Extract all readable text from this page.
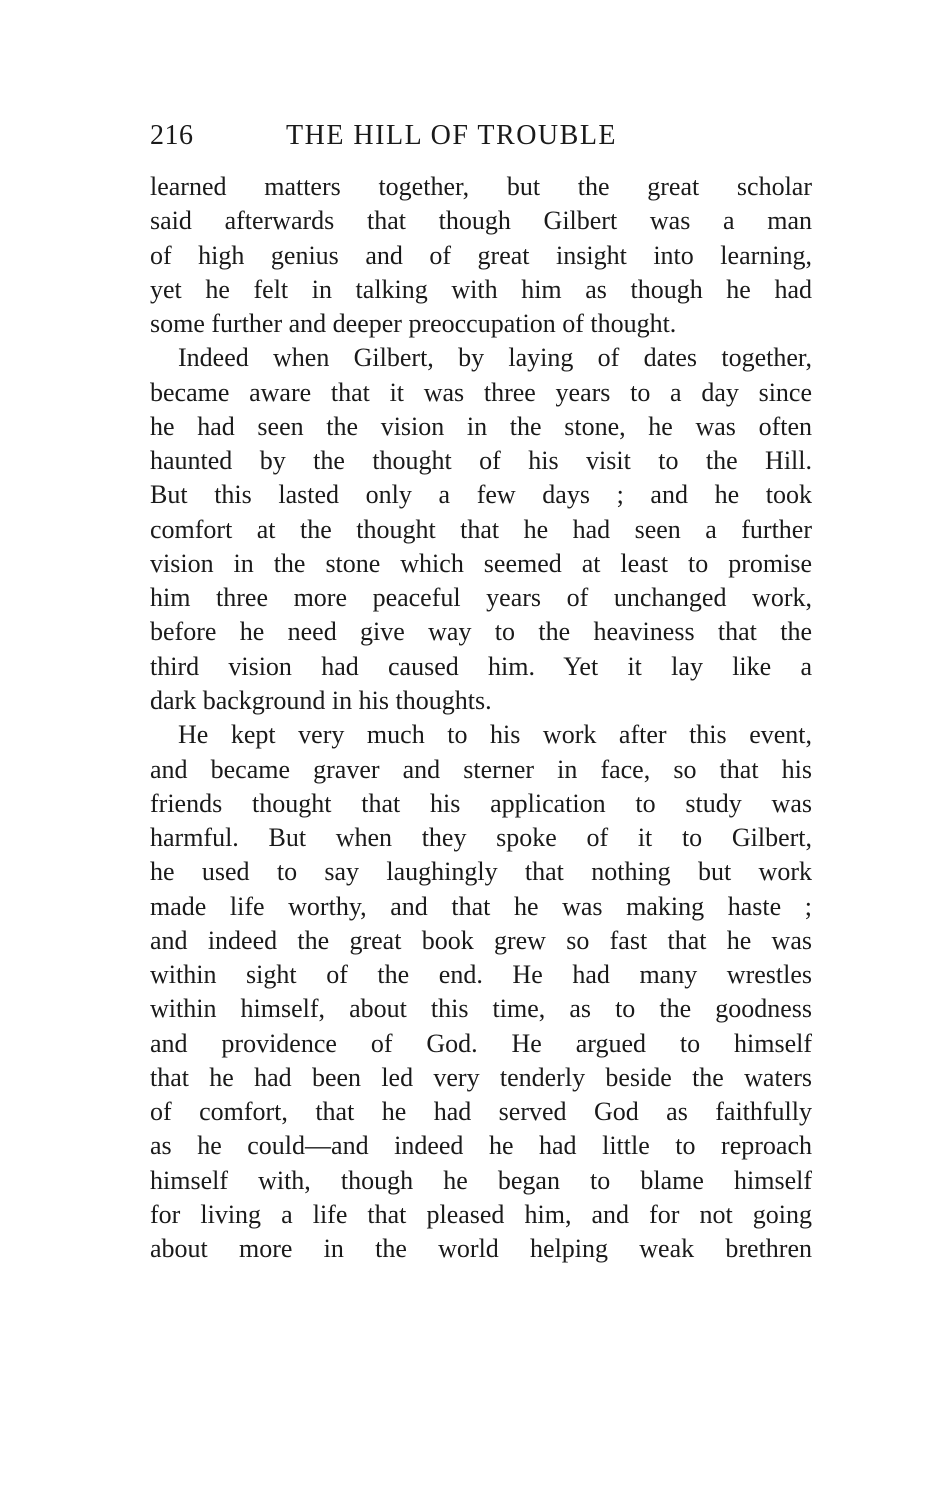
216	THE HILL OF TROUBLE
learned matters together, but the great scholar
said afterwards that though Gilbert was a man
of high genius and of great insight into learning,
yet he felt in talking with him as though he had
some further and deeper preoccupation of thought.
Indeed when Gilbert, by laying of dates together,
became aware that it was three years to a day since
he had seen the vision in the stone, he was often
haunted by the thought of his visit to the Hill.
But this lasted only a few days ; and he took
comfort at the thought that he had seen a further
vision in the stone which seemed at least to promise
him three more peaceful years of unchanged work,
before he need give way to the heaviness that the
third vision had caused him. Yet it lay like a
dark background in his thoughts.
He kept very much to his work after this event,
and became graver and sterner in face, so that his
friends thought that his application to study was
harmful. But when they spoke of it to Gilbert,
he used to say laughingly that nothing but work
made life worthy, and that he was making haste ;
and indeed the great book grew so fast that he was
within sight of the end. He had many wrestles
within himself, about this time, as to the goodness
and providence of God. He argued to himself
that he had been led very tenderly beside the waters
of comfort, that he had served God as faithfully
as he could—and indeed he had little to reproach
himself with, though he began to blame himself
for living a life that pleased him, and for not going
about more in the world helping weak brethren
